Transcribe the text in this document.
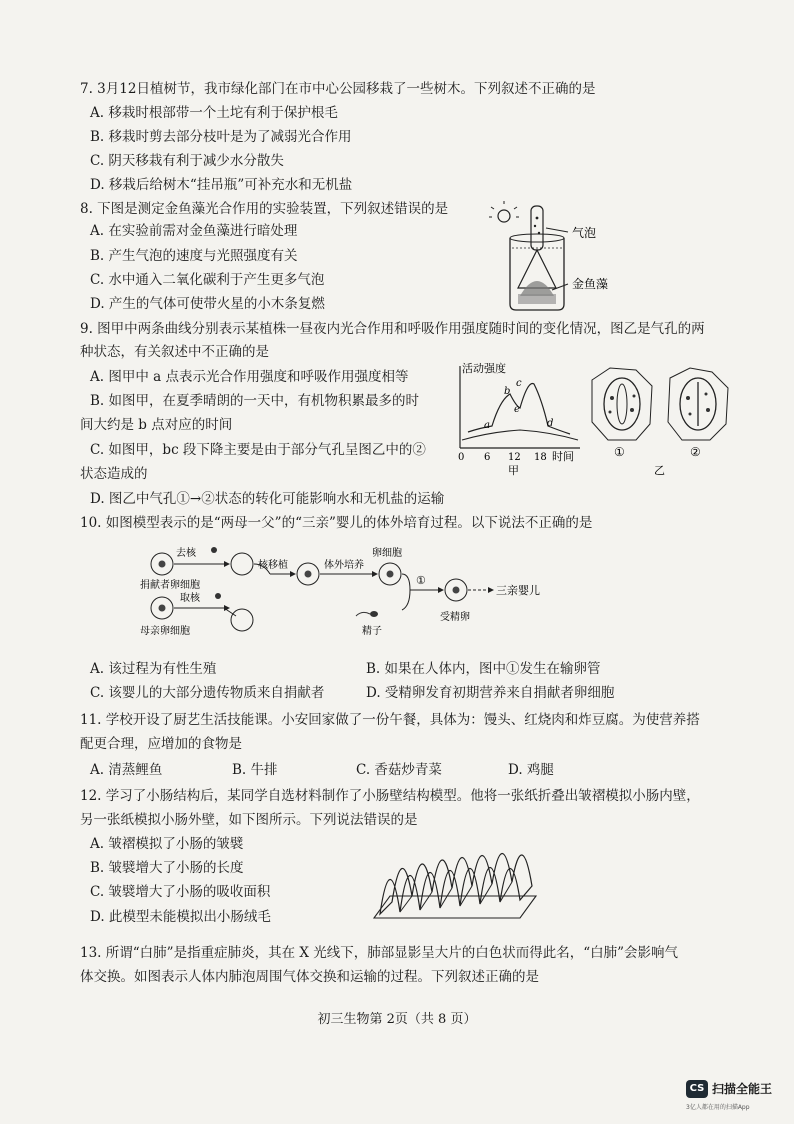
7. 3月12日植树节，我市绿化部门在市中心公园移栽了一些树木。下列叙述不正确的是
A. 移栽时根部带一个土坨有利于保护根毛
B. 移栽时剪去部分枝叶是为了减弱光合作用
C. 阴天移栽有利于减少水分散失
D. 移栽后给树木“挂吊瓶”可补充水和无机盐
8. 下图是测定金鱼藻光合作用的实验装置，下列叙述错误的是
A. 在实验前需对金鱼藻进行暗处理
B. 产生气泡的速度与光照强度有关
C. 水中通入二氧化碳利于产生更多气泡
D. 产生的气体可使带火星的小木条复燃
气泡
金鱼藻
9. 图甲中两条曲线分别表示某植株一昼夜内光合作用和呼吸作用强度随时间的变化情况，图乙是气孔的两
种状态，有关叙述中不正确的是
A. 图甲中 a 点表示光合作用强度和呼吸作用强度相等
B. 如图甲，在夏季晴朗的一天中，有机物积累最多的时
间大约是 b 点对应的时间
C. 如图甲，bc 段下降主要是由于部分气孔呈图乙中的②
状态造成的
D. 图乙中气孔①→②状态的转化可能影响水和无机盐的运输
活动强度
时间
0 6 12 18
a
b
c
d
e
甲
①	②
乙
10. 如图模型表示的是“两母一父”的“三亲”婴儿的体外培育过程。以下说法不正确的是
去核
捐献者卵细胞
取核
母亲卵细胞
核移植	体外培养
卵细胞
精子
①
受精卵
三亲婴儿
A. 该过程为有性生殖	B. 如果在人体内，图中①发生在输卵管
C. 该婴儿的大部分遗传物质来自捐献者	D. 受精卵发育初期营养来自捐献者卵细胞
11. 学校开设了厨艺生活技能课。小安回家做了一份午餐，具体为：馒头、红烧肉和炸豆腐。为使营养搭
配更合理，应增加的食物是
A. 清蒸鲤鱼	B. 牛排	C. 香菇炒青菜	D. 鸡腿
12. 学习了小肠结构后，某同学自选材料制作了小肠壁结构模型。他将一张纸折叠出皱褶模拟小肠内壁，
另一张纸模拟小肠外壁，如下图所示。下列说法错误的是
A. 皱褶模拟了小肠的皱襞
B. 皱襞增大了小肠的长度
C. 皱襞增大了小肠的吸收面积
D. 此模型未能模拟出小肠绒毛
13. 所谓“白肺”是指重症肺炎，其在 X 光线下，肺部显影呈大片的白色状而得此名，“白肺”会影响气
体交换。如图表示人体内肺泡周围气体交换和运输的过程。下列叙述正确的是
初三生物第 2页（共 8 页）
CS 扫描全能王
3亿人都在用的扫描App
